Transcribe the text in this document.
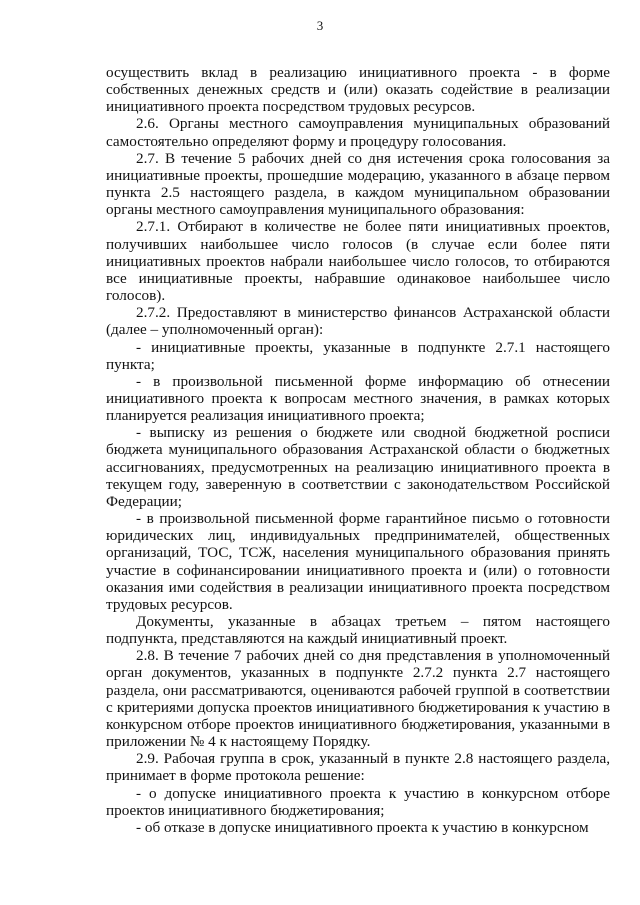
3

осуществить вклад в реализацию инициативного проекта - в форме собственных денежных средств и (или) оказать содействие в реализации инициативного проекта посредством трудовых ресурсов.

2.6. Органы местного самоуправления муниципальных образований самостоятельно определяют форму и процедуру голосования.

2.7. В течение 5 рабочих дней со дня истечения срока голосования за инициативные проекты, прошедшие модерацию, указанного в абзаце первом пункта 2.5 настоящего раздела, в каждом муниципальном образовании органы местного самоуправления муниципального образования:

2.7.1. Отбирают в количестве не более пяти инициативных проектов, получивших наибольшее число голосов (в случае если более пяти инициативных проектов набрали наибольшее число голосов, то отбираются все инициативные проекты, набравшие одинаковое наибольшее число голосов).

2.7.2. Предоставляют в министерство финансов Астраханской области (далее – уполномоченный орган):

- инициативные проекты, указанные в подпункте 2.7.1 настоящего пункта;

- в произвольной письменной форме информацию об отнесении инициативного проекта к вопросам местного значения, в рамках которых планируется реализация инициативного проекта;

- выписку из решения о бюджете или сводной бюджетной росписи бюджета муниципального образования Астраханской области о бюджетных ассигнованиях, предусмотренных на реализацию инициативного проекта в текущем году, заверенную в соответствии с законодательством Российской Федерации;

- в произвольной письменной форме гарантийное письмо о готовности юридических лиц, индивидуальных предпринимателей, общественных организаций, ТОС, ТСЖ, населения муниципального образования принять участие в софинансировании инициативного проекта и (или) о готовности оказания ими содействия в реализации инициативного проекта посредством трудовых ресурсов.

Документы, указанные в абзацах третьем – пятом настоящего подпункта, представляются на каждый инициативный проект.

2.8. В течение 7 рабочих дней со дня представления в уполномоченный орган документов, указанных в подпункте 2.7.2 пункта 2.7 настоящего раздела, они рассматриваются, оцениваются рабочей группой в соответствии с критериями допуска проектов инициативного бюджетирования к участию в конкурсном отборе проектов инициативного бюджетирования, указанными в приложении № 4 к настоящему Порядку.

2.9. Рабочая группа в срок, указанный в пункте 2.8 настоящего раздела, принимает в форме протокола решение:

- о допуске инициативного проекта к участию в конкурсном отборе проектов инициативного бюджетирования;

- об отказе в допуске инициативного проекта к участию в конкурсном
